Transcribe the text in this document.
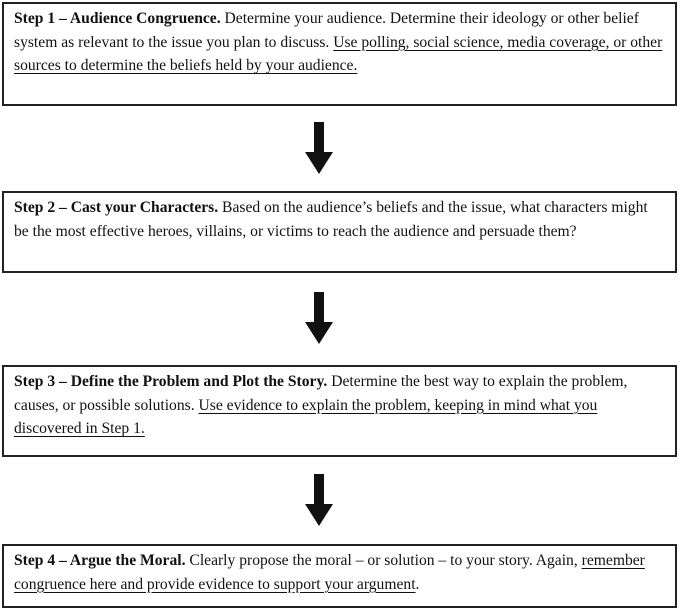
Step 1 – Audience Congruence. Determine your audience. Determine their ideology or other belief system as relevant to the issue you plan to discuss. Use polling, social science, media coverage, or other sources to determine the beliefs held by your audience.
Step 2 – Cast your Characters. Based on the audience’s beliefs and the issue, what characters might be the most effective heroes, villains, or victims to reach the audience and persuade them?
Step 3 – Define the Problem and Plot the Story. Determine the best way to explain the problem, causes, or possible solutions. Use evidence to explain the problem, keeping in mind what you discovered in Step 1.
Step 4 – Argue the Moral. Clearly propose the moral – or solution – to your story. Again, remember congruence here and provide evidence to support your argument.
